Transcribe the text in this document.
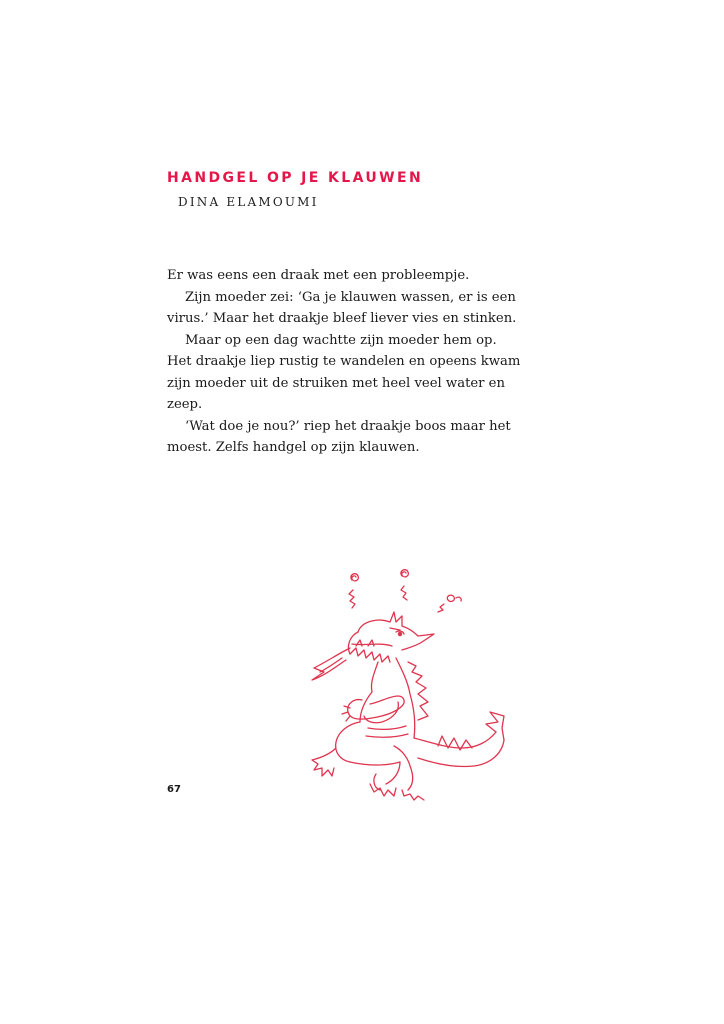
HANDGEL OP JE KLAUWEN
DINA ELAMOUMI
Er was eens een draak met een probleempje.
Zijn moeder zei: ‘Ga je klauwen wassen, er is een
virus.’ Maar het draakje bleef liever vies en stinken.
Maar op een dag wachtte zijn moeder hem op.
Het draakje liep rustig te wandelen en opeens kwam
zijn moeder uit de struiken met heel veel water en
zeep.
‘Wat doe je nou?’ riep het draakje boos maar het
moest. Zelfs handgel op zijn klauwen.
67
